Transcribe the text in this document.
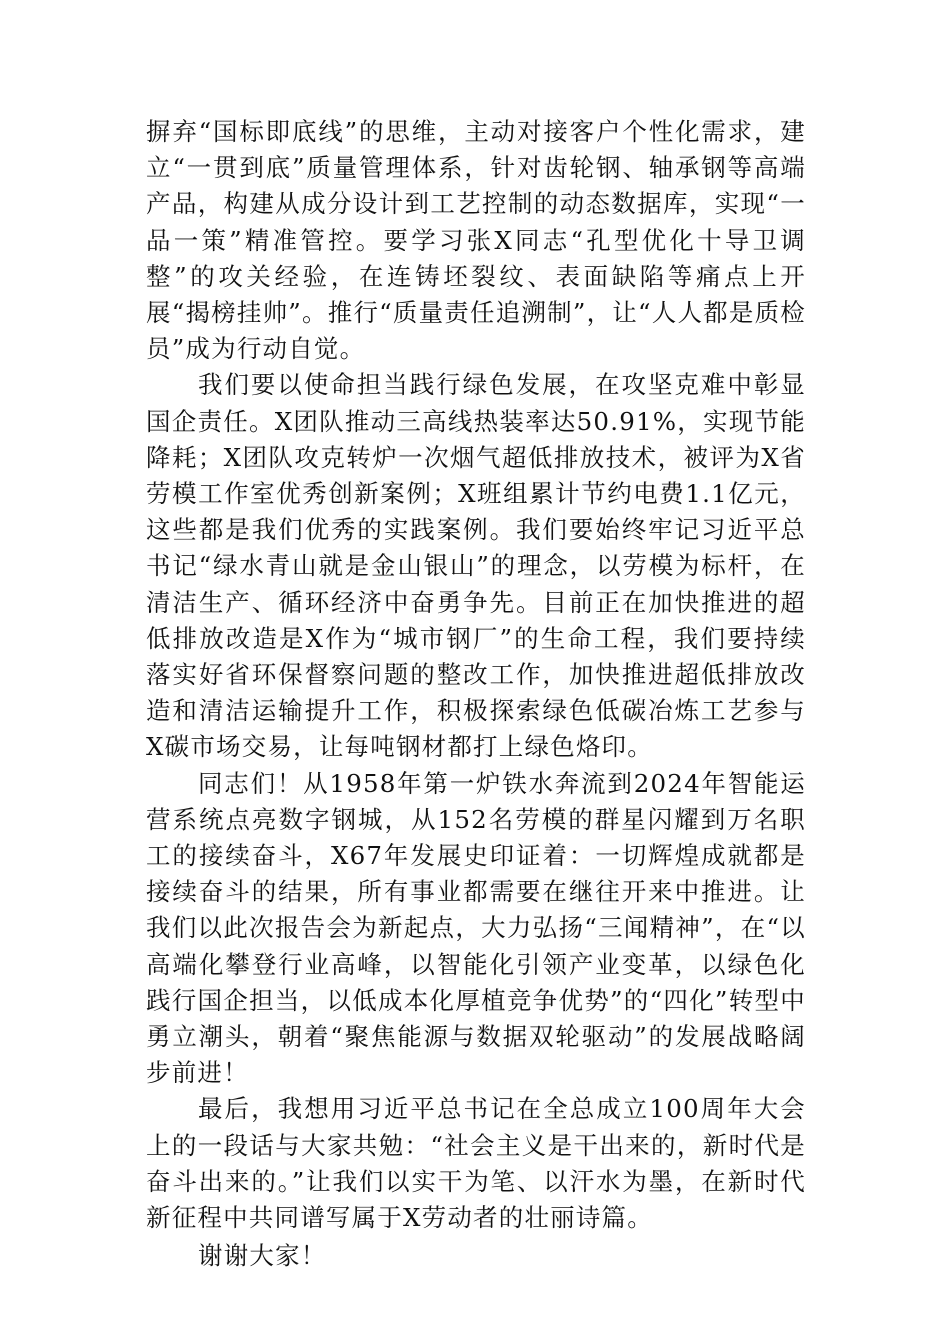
摒弃“国标即底线”的思维，主动对接客户个性化需求，建立“一贯到底”质量管理体系，针对齿轮钢、轴承钢等高端产品，构建从成分设计到工艺控制的动态数据库，实现“一品一策”精准管控。要学习张X同志“孔型优化十导卫调整”的攻关经验，在连铸坯裂纹、表面缺陷等痛点上开展“揭榜挂帅”。推行“质量责任追溯制”，让“人人都是质检员”成为行动自觉。

我们要以使命担当践行绿色发展，在攻坚克难中彰显国企责任。X团队推动三高线热装率达50.91%，实现节能降耗；X团队攻克转炉一次烟气超低排放技术，被评为X省劳模工作室优秀创新案例；X班组累计节约电费1.1亿元，这些都是我们优秀的实践案例。我们要始终牢记习近平总书记“绿水青山就是金山银山”的理念，以劳模为标杆，在清洁生产、循环经济中奋勇争先。目前正在加快推进的超低排放改造是X作为“城市钢厂”的生命工程，我们要持续落实好省环保督察问题的整改工作，加快推进超低排放改造和清洁运输提升工作，积极探索绿色低碳冶炼工艺参与X碳市场交易，让每吨钢材都打上绿色烙印。

同志们！从1958年第一炉铁水奔流到2024年智能运营系统点亮数字钢城，从152名劳模的群星闪耀到万名职工的接续奋斗，X67年发展史印证着：一切辉煌成就都是接续奋斗的结果，所有事业都需要在继往开来中推进。让我们以此次报告会为新起点，大力弘扬“三闻精神”，在“以高端化攀登行业高峰，以智能化引领产业变革，以绿色化践行国企担当，以低成本化厚植竞争优势”的“四化”转型中勇立潮头，朝着“聚焦能源与数据双轮驱动”的发展战略阔步前进！

最后，我想用习近平总书记在全总成立100周年大会上的一段话与大家共勉：“社会主义是干出来的，新时代是奋斗出来的。”让我们以实干为笔、以汗水为墨，在新时代新征程中共同谱写属于X劳动者的壮丽诗篇。

谢谢大家！
